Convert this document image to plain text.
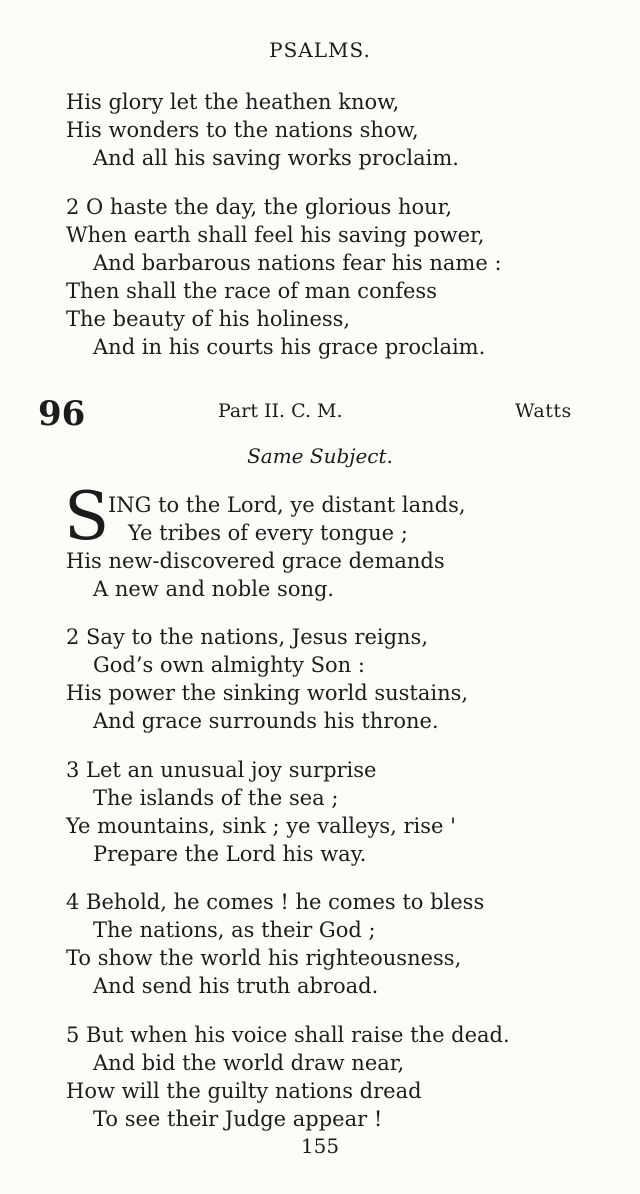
PSALMS.
His glory let the heathen know,
His wonders to the nations show,
And all his saving works proclaim.
2 O haste the day, the glorious hour,
When earth shall feel his saving power,
And barbarous nations fear his name :
Then shall the race of man confess
The beauty of his holiness,
And in his courts his grace proclaim.
96	Part II. C. M.	Watts
Same Subject.
S
ING to the Lord, ye distant lands,
Ye tribes of every tongue ;
His new-discovered grace demands
A new and noble song.
2 Say to the nations, Jesus reigns,
God’s own almighty Son :
His power the sinking world sustains,
And grace surrounds his throne.
3 Let an unusual joy surprise
The islands of the sea ;
Ye mountains, sink ; ye valleys, rise '
Prepare the Lord his way.
4 Behold, he comes ! he comes to bless
The nations, as their God ;
To show the world his righteousness,
And send his truth abroad.
5 But when his voice shall raise the dead.
And bid the world draw near,
How will the guilty nations dread
To see their Judge appear !
155
